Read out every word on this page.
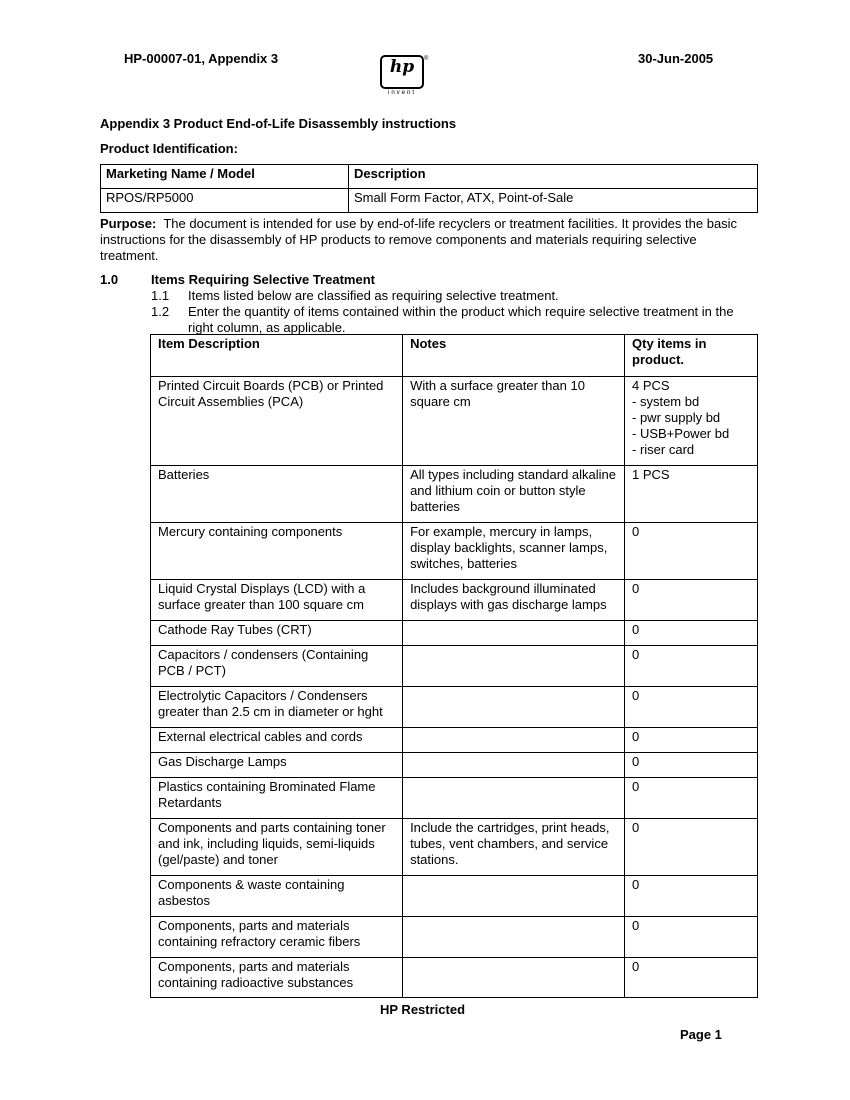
HP-00007-01, Appendix 3	hp
invent
®	30-Jun-2005
Appendix 3 Product End-of-Life Disassembly instructions
Product Identification:
Marketing Name / Model	Description
RPOS/RP5000	Small Form Factor, ATX, Point-of-Sale
Purpose: The document is intended for use by end-of-life recyclers or treatment facilities. It provides the basic instructions for the disassembly of HP products to remove components and materials requiring selective treatment.
1.0	Items Requiring Selective Treatment
1.1 Items listed below are classified as requiring selective treatment.
1.2 Enter the quantity of items contained within the product which require selective treatment in the right column, as applicable.
Item Description	Notes	Qty items in product.
Printed Circuit Boards (PCB) or Printed Circuit Assemblies (PCA)	With a surface greater than 10 square cm	4 PCS
- system bd
- pwr supply bd
- USB+Power bd
- riser card
Batteries	All types including standard alkaline and lithium coin or button style batteries	1 PCS
Mercury containing components	For example, mercury in lamps, display backlights, scanner lamps, switches, batteries	0
Liquid Crystal Displays (LCD) with a surface greater than 100 square cm	Includes background illuminated displays with gas discharge lamps	0
Cathode Ray Tubes (CRT)		0
Capacitors / condensers (Containing PCB / PCT)		0
Electrolytic Capacitors / Condensers greater than 2.5 cm in diameter or hght		0
External electrical cables and cords		0
Gas Discharge Lamps		0
Plastics containing Brominated Flame Retardants		0
Components and parts containing toner and ink, including liquids, semi-liquids (gel/paste) and toner	Include the cartridges, print heads, tubes, vent chambers, and service stations.	0
Components & waste containing asbestos		0
Components, parts and materials containing refractory ceramic fibers		0
Components, parts and materials containing radioactive substances		0
HP Restricted
Page 1
